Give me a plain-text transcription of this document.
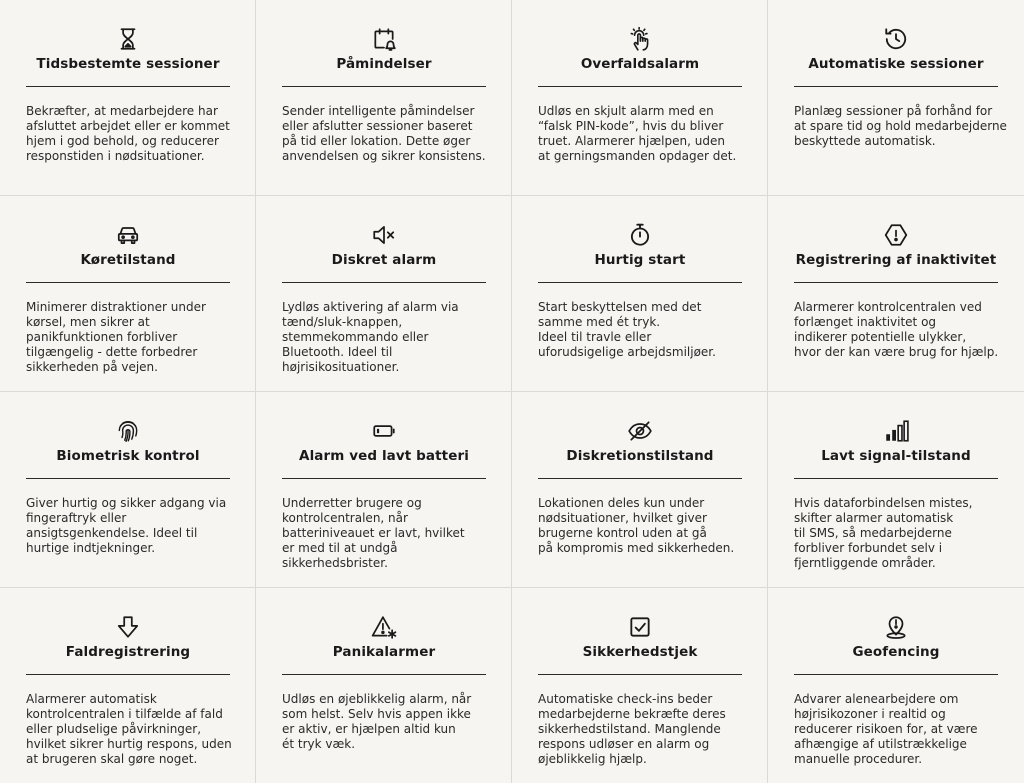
Tidsbestemte sessioner
Bekræfter, at medarbejdere har
afsluttet arbejdet eller er kommet
hjem i god behold, og reducerer
responstiden i nødsituationer.
Påmindelser
Sender intelligente påmindelser
eller afslutter sessioner baseret
på tid eller lokation. Dette øger
anvendelsen og sikrer konsistens.
Overfaldsalarm
Udløs en skjult alarm med en
“falsk PIN-kode”, hvis du bliver
truet. Alarmerer hjælpen, uden
at gerningsmanden opdager det.
Automatiske sessioner
Planlæg sessioner på forhånd for
at spare tid og hold medarbejderne
beskyttede automatisk.
Køretilstand
Minimerer distraktioner under
kørsel, men sikrer at
panikfunktionen forbliver
tilgængelig - dette forbedrer
sikkerheden på vejen.
Diskret alarm
Lydløs aktivering af alarm via
tænd/sluk-knappen,
stemmekommando eller
Bluetooth. Ideel til
højrisikosituationer.
Hurtig start
Start beskyttelsen med det
samme med ét tryk.
Ideel til travle eller
uforudsigelige arbejdsmiljøer.
Registrering af inaktivitet
Alarmerer kontrolcentralen ved
forlænget inaktivitet og
indikerer potentielle ulykker,
hvor der kan være brug for hjælp.
Biometrisk kontrol
Giver hurtig og sikker adgang via
fingeraftryk eller
ansigtsgenkendelse. Ideel til
hurtige indtjekninger.
Alarm ved lavt batteri
Underretter brugere og
kontrolcentralen, når
batteriniveauet er lavt, hvilket
er med til at undgå
sikkerhedsbrister.
Diskretionstilstand
Lokationen deles kun under
nødsituationer, hvilket giver
brugerne kontrol uden at gå
på kompromis med sikkerheden.
Lavt signal-tilstand
Hvis dataforbindelsen mistes,
skifter alarmer automatisk
til SMS, så medarbejderne
forbliver forbundet selv i
fjerntliggende områder.
Faldregistrering
Alarmerer automatisk
kontrolcentralen i tilfælde af fald
eller pludselige påvirkninger,
hvilket sikrer hurtig respons, uden
at brugeren skal gøre noget.
Panikalarmer
Udløs en øjeblikkelig alarm, når
som helst. Selv hvis appen ikke
er aktiv, er hjælpen altid kun
ét tryk væk.
Sikkerhedstjek
Automatiske check-ins beder
medarbejderne bekræfte deres
sikkerhedstilstand. Manglende
respons udløser en alarm og
øjeblikkelig hjælp.
Geofencing
Advarer alenearbejdere om
højrisikozoner i realtid og
reducerer risikoen for, at være
afhængige af utilstrækkelige
manuelle procedurer.
